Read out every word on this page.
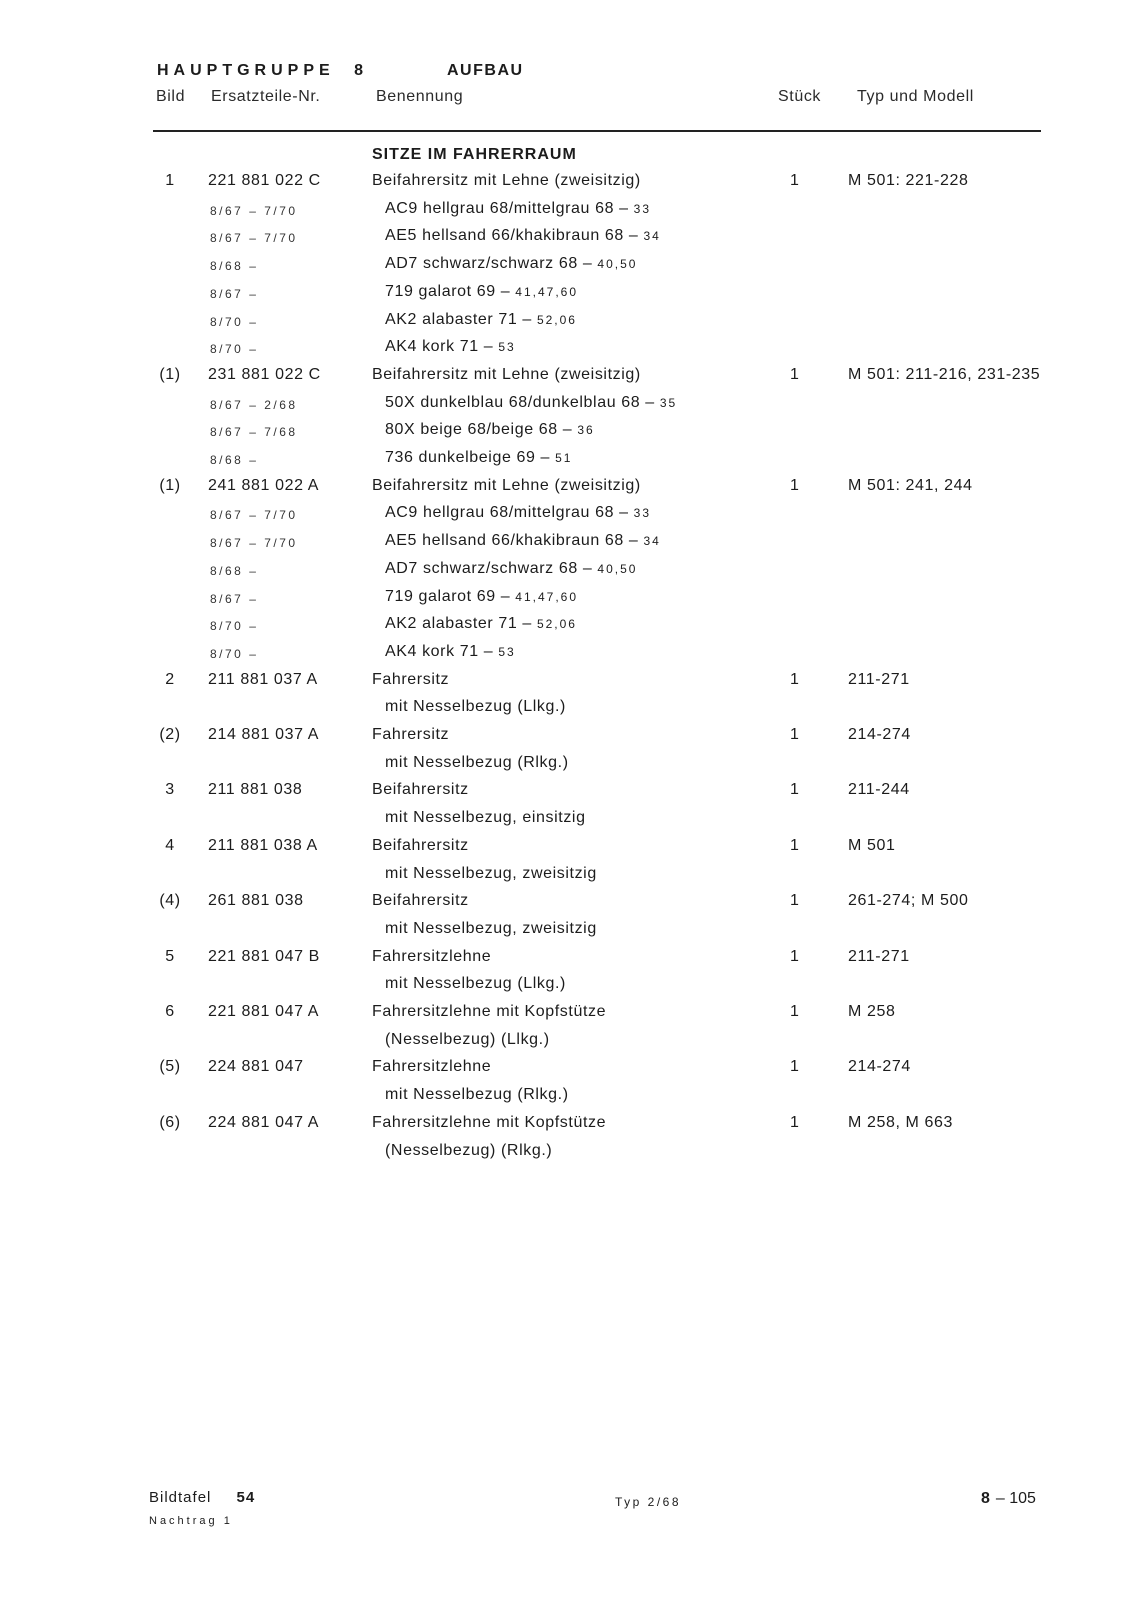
HAUPTGRUPPE 8	AUFBAU
Bild Ersatzteile-Nr.	Benennung	Stück Typ und Modell
SITZE IM FAHRERRAUM
1	221 881 022 C	Beifahrersitz mit Lehne (zweisitzig)	1	M 501: 221-228
8/67 – 7/70	AC9 hellgrau 68/mittelgrau 68 – 33
8/67 – 7/70	AE5 hellsand 66/khakibraun 68 – 34
8/68 –	AD7 schwarz/schwarz 68 – 40,50
8/67 –	719 galarot 69 – 41,47,60
8/70 –	AK2 alabaster 71 – 52,06
8/70 –	AK4 kork 71 – 53
(1) 231 881 022 C	Beifahrersitz mit Lehne (zweisitzig)	1	M 501: 211-216, 231-235
8/67 – 2/68	50X dunkelblau 68/dunkelblau 68 – 35
8/67 – 7/68	80X beige 68/beige 68 – 36
8/68 –	736 dunkelbeige 69 – 51
(1) 241 881 022 A	Beifahrersitz mit Lehne (zweisitzig)	1	M 501: 241, 244
8/67 – 7/70	AC9 hellgrau 68/mittelgrau 68 – 33
8/67 – 7/70	AE5 hellsand 66/khakibraun 68 – 34
8/68 –	AD7 schwarz/schwarz 68 – 40,50
8/67 –	719 galarot 69 – 41,47,60
8/70 –	AK2 alabaster 71 – 52,06
8/70 –	AK4 kork 71 – 53
2	211 881 037 A	Fahrersitz	1	211-271
mit Nesselbezug (Llkg.)
(2) 214 881 037 A	Fahrersitz	1	214-274
mit Nesselbezug (Rlkg.)
3	211 881 038	Beifahrersitz	1	211-244
mit Nesselbezug, einsitzig
4	211 881 038 A	Beifahrersitz	1	M 501
mit Nesselbezug, zweisitzig
(4) 261 881 038	Beifahrersitz	1	261-274; M 500
mit Nesselbezug, zweisitzig
5	221 881 047 B	Fahrersitzlehne	1	211-271
mit Nesselbezug (Llkg.)
6	221 881 047 A	Fahrersitzlehne mit Kopfstütze	1	M 258
(Nesselbezug) (Llkg.)
(5) 224 881 047	Fahrersitzlehne	1	214-274
mit Nesselbezug (Rlkg.)
(6) 224 881 047 A	Fahrersitzlehne mit Kopfstütze	1	M 258, M 663
(Nesselbezug) (Rlkg.)
Bildtafel 54
Nachtrag 1
Typ 2/68	8 – 105
